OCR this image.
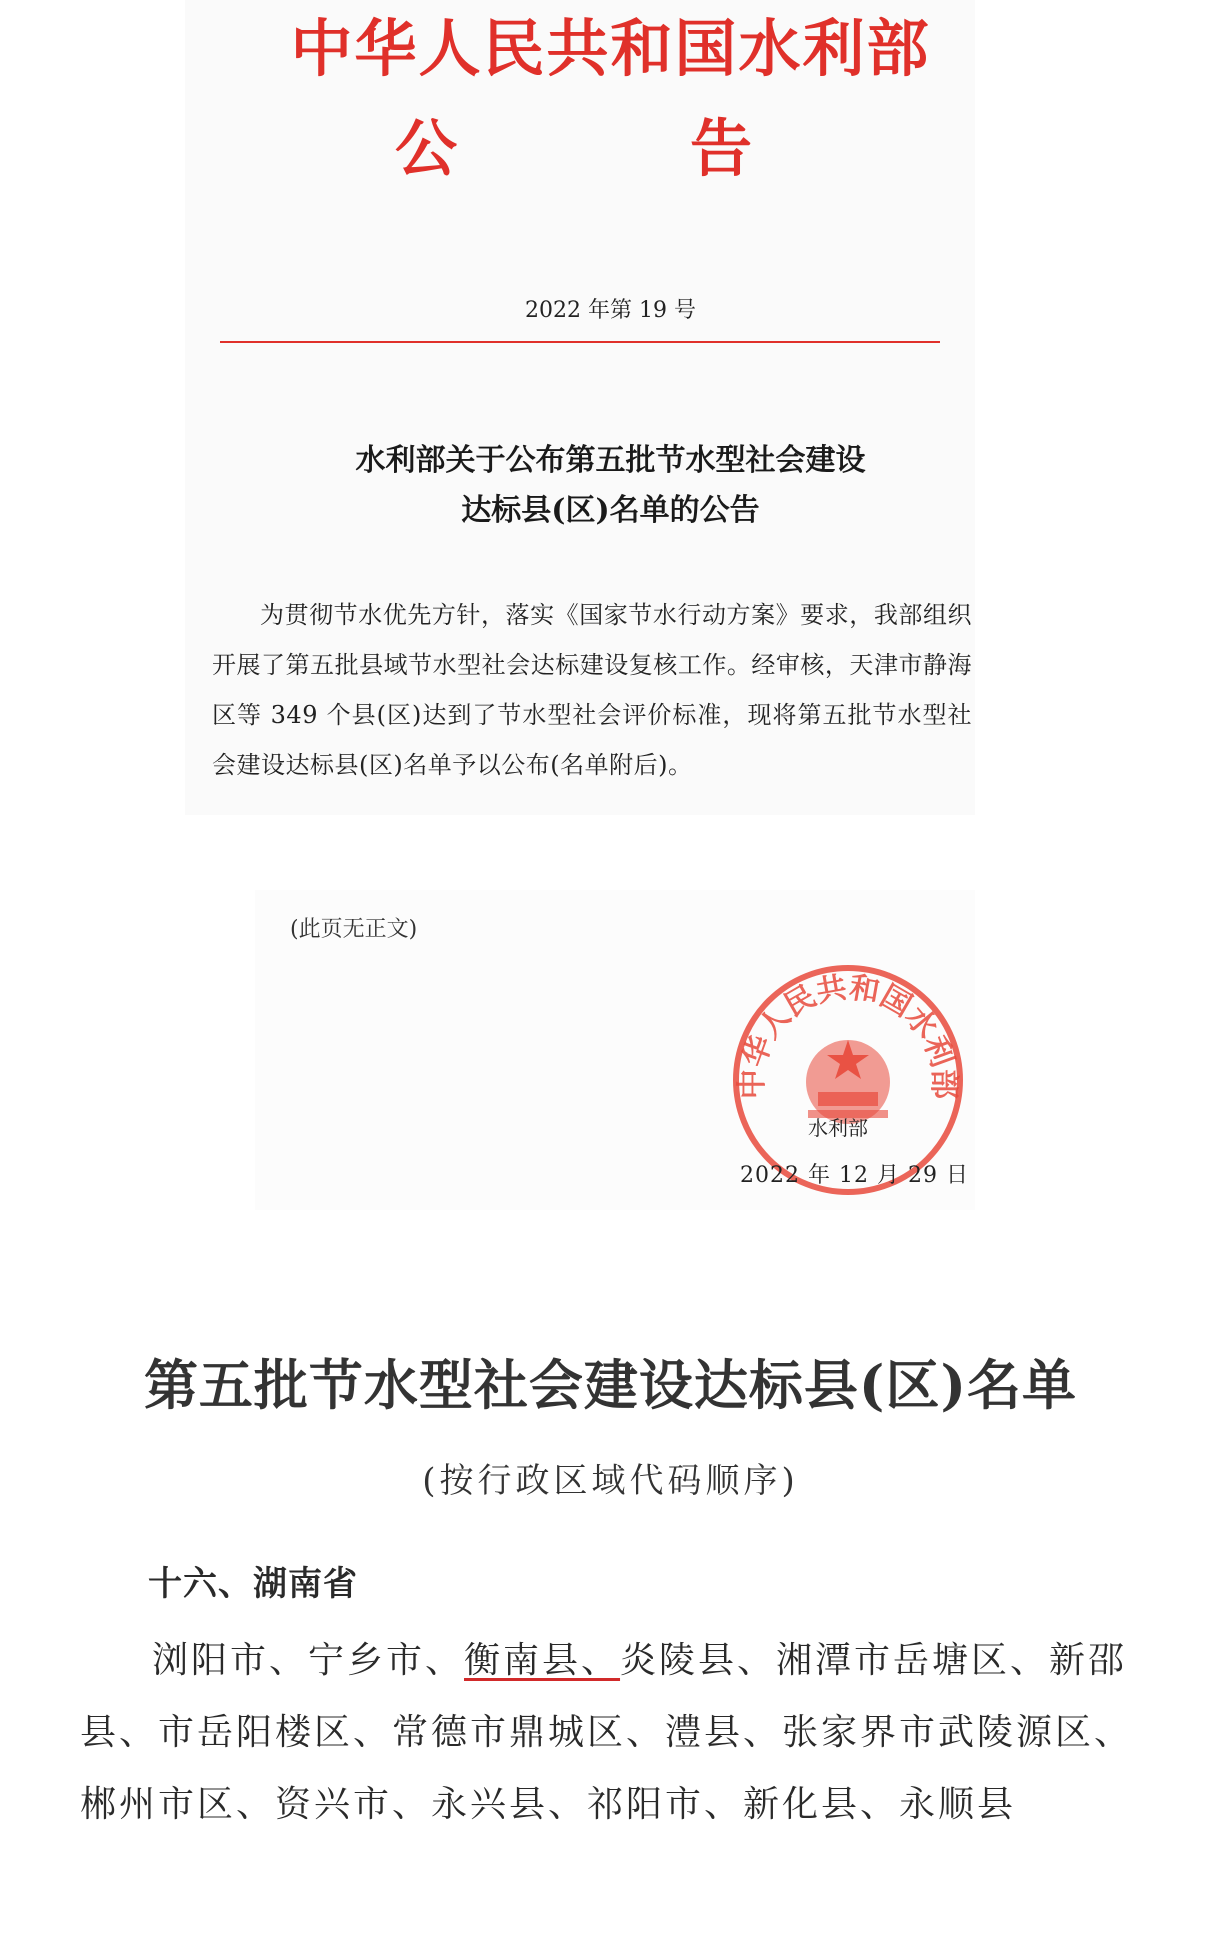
中华人民共和国水利部
公	告
2022 年第 19 号
水利部关于公布第五批节水型社会建设
达标县(区)名单的公告
为贯彻节水优先方针，落实《国家节水行动方案》要求，我部组织开展了第五批县域节水型社会达标建设复核工作。经审核，天津市静海区等 349 个县(区)达到了节水型社会评价标准，现将第五批节水型社会建设达标县(区)名单予以公布(名单附后)。
(此页无正文)
中华人民共和国水利部
水利部
2022 年 12 月 29 日
第五批节水型社会建设达标县(区)名单
(按行政区域代码顺序)
十六、湖南省
浏阳市、宁乡市、衡南县、炎陵县、湘潭市岳塘区、新邵县、市岳阳楼区、常德市鼎城区、澧县、张家界市武陵源区、郴州市区、资兴市、永兴县、祁阳市、新化县、永顺县
